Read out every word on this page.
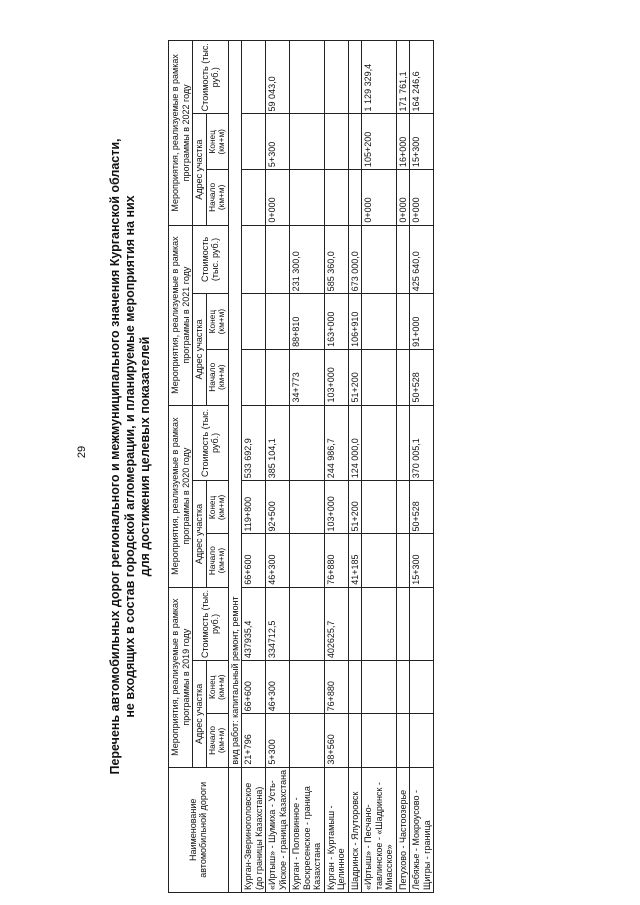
29 Перечень автомобильных дорог регионального и межмуниципального значения Курганской области, не входящих в состав городской агломерации, и планируемые мероприятия на них для достижения целевых показателей
Наименование автомобильной дороги	Мероприятия, реализуемые в рамках программы в 2019 году			Мероприятия, реализуемые в рамках программы в 2020 году			Мероприятия, реализуемые в рамках программы в 2021 году			Мероприятия, реализуемые в рамках программы в 2022 году		
	Адрес участка		Стоимость (тыс. руб.)	Адрес участка		Стоимость (тыс. руб.)	Адрес участка		Стоимость (тыс. руб.)	Адрес участка		Стоимость (тыс. руб.)
	Начало (км+м)	Конец (км+м)		Начало (км+м)	Конец (км+м)		Начало (км+м)	Конец (км+м)		Начало (км+м)	Конец (км+м)	
	вид работ: капитальный ремонт, ремонт											
Курган-Звериноголовское (до границы Казахстана)	21+796	66+600	437935,4	66+600	119+800	533 692,9						
«Иртыш» - Шумиха - Усть-Уйское - граница Казахстана	5+300	46+300	334712,5	46+300	92+500	385 104,1				0+000	5+300	59 043,0
Курган - Половинное - Воскресенское - граница Казахстана							34+773	88+810	231 300,0			
Курган - Куртамыш - Целинное	38+560	76+880	402625,7	76+880	103+000	244 986,7	103+000	163+000	585 360,0			
Шадринск - Ялуторовск				41+185	51+200	124 000,0	51+200	106+910	673 000,0			
«Иртыш» - Песчано-тавлинское - «Шадринск - Миасское»										0+000	105+200	1 129 329,4
Петухово - Частоозерье										0+000	16+000	171 761,1
Лебяжье - Мокроусово - Щигры - граница				15+300	50+528	370 005,1	50+528	91+000	425 640,0	0+000	15+300	164 246,6
